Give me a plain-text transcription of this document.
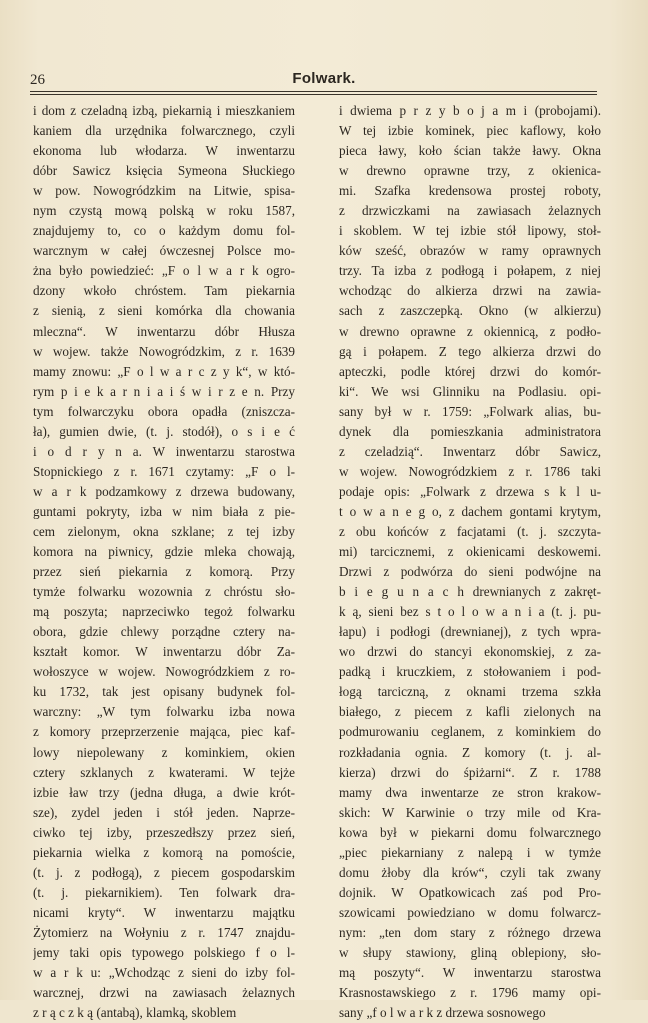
26	Folwark.
i dom z czeladną izbą, piekarnią i mieszkaniem
kaniem dla urzędnika folwarcznego, czyli
ekonoma lub włodarza. W inwentarzu
dóbr Sawicz księcia Symeona Słuckiego
w pow. Nowogródzkim na Litwie, spisa-
nym czystą mową polską w roku 1587,
znajdujemy to, co o każdym domu fol-
warcznym w całej ówczesnej Polsce mo-
żna było powiedzieć: „F o l w a r k ogro-
dzony wkoło chróstem. Tam piekarnia
z sienią, z sieni komórka dla chowania
mleczna“. W inwentarzu dóbr Hłusza
w wojew. także Nowogródzkim, z r. 1639
mamy znowu: „F o l w a r c z y k“, w któ-
rym p i e k a r n i a i ś w i r z e n. Przy
tym folwarczyku obora opadła (zniszcza-
ła), gumien dwie, (t. j. stodół), o s i e ć
i o d r y n a. W inwentarzu starostwa
Stopnickiego z r. 1671 czytamy: „F o l-
w a r k podzamkowy z drzewa budowany,
guntami pokryty, izba w nim biała z pie-
cem zielonym, okna szklane; z tej izby
komora na piwnicy, gdzie mleka chowają,
przez sień piekarnia z komorą. Przy
tymże folwarku wozownia z chróstu sło-
mą poszyta; naprzeciwko tegoż folwarku
obora, gdzie chlewy porządne cztery na-
kształt komor. W inwentarzu dóbr Za-
wołoszyce w wojew. Nowogródzkiem z ro-
ku 1732, tak jest opisany budynek fol-
warczny: „W tym folwarku izba nowa
z komory przeprzerzenie mająca, piec kaf-
lowy niepolewany z kominkiem, okien
cztery szklanych z kwaterami. W tejże
izbie ław trzy (jedna długa, a dwie krót-
sze), zydel jeden i stół jeden. Naprze-
ciwko tej izby, przeszedłszy przez sień,
piekarnia wielka z komorą na pomoście,
(t. j. z podłogą), z piecem gospodarskim
(t. j. piekarnikiem). Ten folwark dra-
nicami kryty“. W inwentarzu majątku
Żytomierz na Wołyniu z r. 1747 znajdu-
jemy taki opis typowego polskiego f o l-
w a r k u: „Wchodząc z sieni do izby fol-
warcznej, drzwi na zawiasach żelaznych
z r ą c z k ą (antabą), klamką, skoblem
i dwiema p r z y b o j a m i (probojami).
W tej izbie kominek, piec kaflowy, koło
pieca ławy, koło ścian także ławy. Okna
w drewno oprawne trzy, z okienica-
mi. Szafka kredensowa prostej roboty,
z drzwiczkami na zawiasach żelaznych
i skoblem. W tej izbie stół lipowy, stoł-
ków sześć, obrazów w ramy oprawnych
trzy. Ta izba z podłogą i połapem, z niej
wchodząc do alkierza drzwi na zawia-
sach z zaszczepką. Okno (w alkierzu)
w drewno oprawne z okiennicą, z podło-
gą i połapem. Z tego alkierza drzwi do
apteczki, podle której drzwi do komór-
ki“. We wsi Glinniku na Podlasiu. opi-
sany był w r. 1759: „Folwark alias, bu-
dynek dla pomieszkania administratora
z czeladzią“. Inwentarz dóbr Sawicz,
w wojew. Nowogródzkiem z r. 1786 taki
podaje opis: „Folwark z drzewa s k l u-
t o w a n e g o, z dachem gontami krytym,
z obu końców z facjatami (t. j. szczyta-
mi) tarcicznemi, z okienicami deskowemi.
Drzwi z podwórza do sieni podwójne na
b i e g u n a c h drewnianych z zakręt-
k ą, sieni bez s t o l o w a n i a (t. j. pu-
łapu) i podłogi (drewnianej), z tych wpra-
wo drzwi do stancyi ekonomskiej, z za-
padką i kruczkiem, z stołowaniem i pod-
łogą tarciczną, z oknami trzema szkła
białego, z piecem z kafli zielonych na
podmurowaniu ceglanem, z kominkiem do
rozkładania ognia. Z komory (t. j. al-
kierza) drzwi do śpiżarni“. Z r. 1788
mamy dwa inwentarze ze stron krakow-
skich: W Karwinie o trzy mile od Kra-
kowa był w piekarni domu folwarcznego
„piec piekarniany z nalepą i w tymże
domu żłoby dla krów“, czyli tak zwany
dojnik. W Opatkowicach zaś pod Pro-
szowicami powiedziano w domu folwarcz-
nym: „ten dom stary z różnego drzewa
w słupy stawiony, gliną oblepiony, sło-
mą poszyty“. W inwentarzu starostwa
Krasnostawskiego z r. 1796 mamy opi-
sany „f o l w a r k z drzewa sosnowego
